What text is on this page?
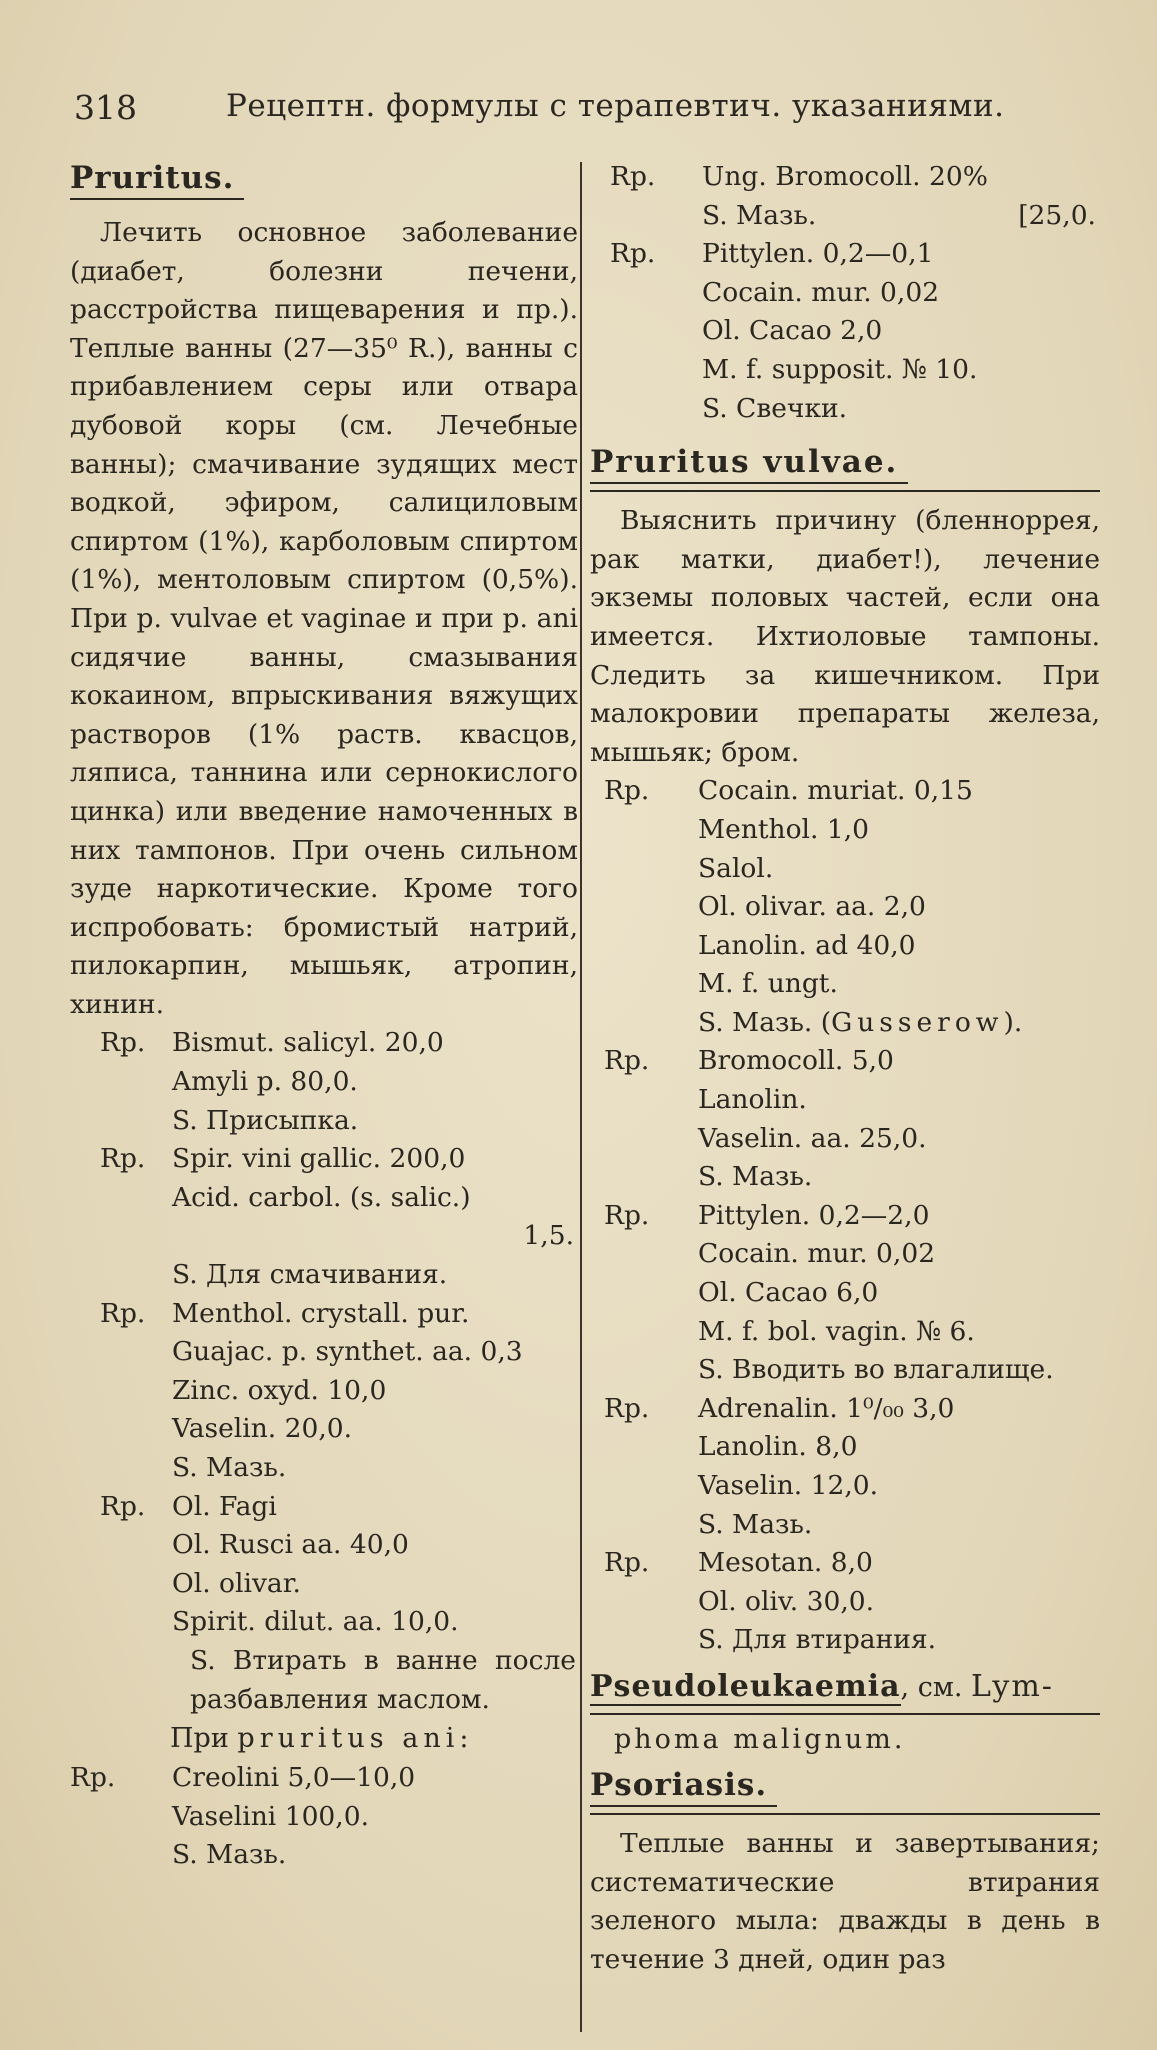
318	Рецептн. формулы с терапевтич. указаниями.
Pruritus.

Лечить основное заболевание (диабет, болезни печени, расстройства пищеварения и пр.). Теплые ванны (27—35⁰ R.), ванны с прибавлением серы или отвара дубовой коры (см. Лечебные ванны); смачивание зудящих мест водкой, эфиром, салициловым спиртом (1%), карболовым спиртом (1%), ментоловым спиртом (0,5%). При p. vulvae et vaginae и при p. ani сидячие ванны, смазывания кокаином, впрыскивания вяжущих растворов (1% раств. квасцов, ляписа, таннина или сернокислого цинка) или введение намоченных в них тампонов. При очень сильном зуде наркотические. Кроме того испробовать: бромистый натрий, пилокарпин, мышьяк, атропин, хинин.

Rp.	Bismut. salicyl. 20,0
Amyli p. 80,0.
S. Присыпка.
Rp.	Spir. vini gallic. 200,0
Acid. carbol. (s. salic.)
1,5.
S. Для смачивания.
Rp.	Menthol. crystall. pur.
Guajac. p. synthet. aa. 0,3
Zinc. oxyd. 10,0
Vaselin. 20,0.
S. Мазь.
Rp.	Ol. Fagi
Ol. Rusci aa. 40,0
Ol. olivar.
Spirit. dilut. aa. 10,0.
S. Втирать в ванне после разбавления маслом.
При pruritus ani:
Rp.	Creolini 5,0—10,0
Vaselini 100,0.
S. Мазь.
Rp.	Ung. Bromocoll. 20%
S. Мазь.	[25,0.
Rp.	Pittylen. 0,2—0,1
Cocain. mur. 0,02
Ol. Cacao 2,0
M. f. supposit. № 10.
S. Свечки.
Pruritus vulvae.

Выяснить причину (бленноррея, рак матки, диабет!), лечение экземы половых частей, если она имеется. Ихтиоловые тампоны. Следить за кишечником. При малокровии препараты железа, мышьяк; бром.

Rp.	Cocain. muriat. 0,15
Menthol. 1,0
Salol.
Ol. olivar. aa. 2,0
Lanolin. ad 40,0
M. f. ungt.
S. Мазь. (Gusserow).
Rp.	Bromocoll. 5,0
Lanolin.
Vaselin. aa. 25,0.
S. Мазь.
Rp.	Pittylen. 0,2—2,0
Cocain. mur. 0,02
Ol. Cacao 6,0
M. f. bol. vagin. № 6.
S. Вводить во влагалище.
Rp.	Adrenalin. 1⁰/₀₀ 3,0
Lanolin. 8,0
Vaselin. 12,0.
S. Мазь.
Rp.	Mesotan. 8,0
Ol. oliv. 30,0.
S. Для втирания.
Pseudoleukaemia, см. Lym-
phoma malignum.
Psoriasis.

Теплые ванны и завертывания; систематические втирания зеленого мыла: дважды в день в течение 3 дней, один раз
